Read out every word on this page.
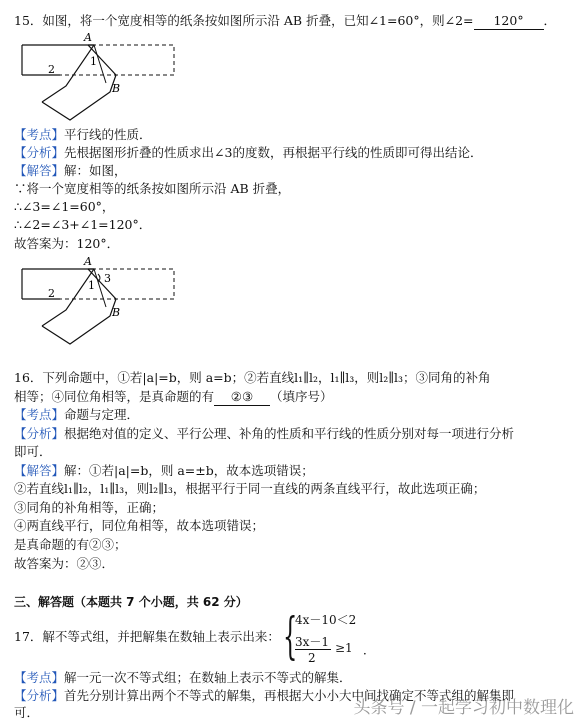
15．如图，将一个宽度相等的纸条按如图所示沿 AB 折叠，已知∠1=60°，则∠2= 120° ．
A
B
1
2
【考点】平行线的性质．
【分析】先根据图形折叠的性质求出∠3的度数，再根据平行线的性质即可得出结论．
【解答】解：如图，
∵将一个宽度相等的纸条按如图所示沿 AB 折叠，
∴∠3=∠1=60°，
∴∠2=∠3+∠1=120°．
故答案为：120°．
A
B
1
2
3
16．下列命题中，①若|a|=b，则 a=b；②若直线l₁∥l₂，l₁∥l₃，则l₂∥l₃；③同角的补角
相等；④同位角相等，是真命题的有 ②③ （填序号）
【考点】命题与定理．
【分析】根据绝对值的定义、平行公理、补角的性质和平行线的性质分别对每一项进行分析
即可．
【解答】解：①若|a|=b，则 a=±b，故本选项错误；
②若直线l₁∥l₂，l₁∥l₃，则l₂∥l₃，根据平行于同一直线的两条直线平行，故此选项正确；
③同角的补角相等，正确；
④两直线平行，同位角相等，故本选项错误；
是真命题的有②③；
故答案为：②③．
三、解答题（本题共 7 个小题，共 62 分）
17．解不等式组，并把解集在数轴上表示出来： {
4x－10＜2
3x－1
2
≥1 ．
【考点】解一元一次不等式组；在数轴上表示不等式的解集．
【分析】首先分别计算出两个不等式的解集，再根据大小小大中间找确定不等式组的解集即
可．	头条号 / 一起学习初中数理化
